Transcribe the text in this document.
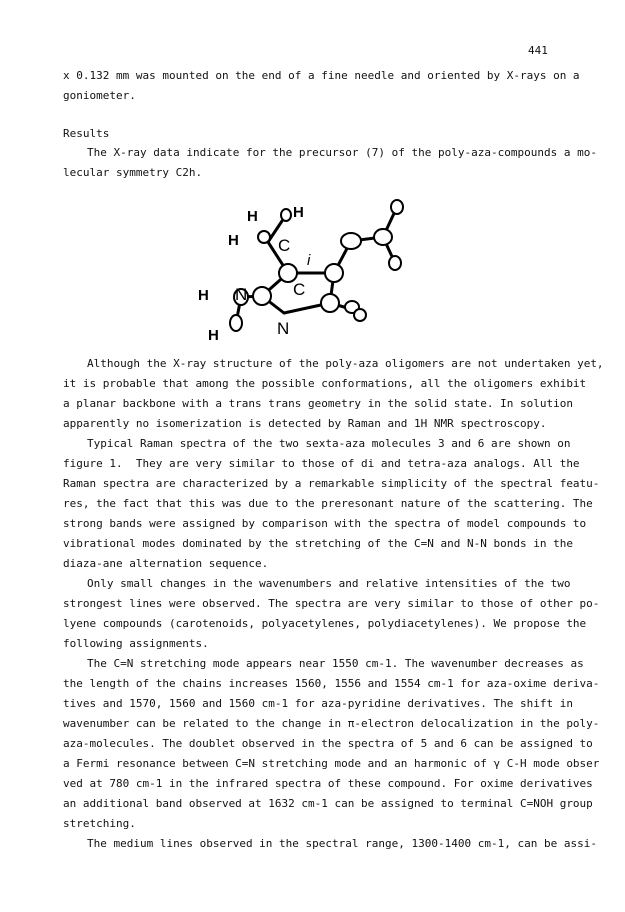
441
x 0.132 mm was mounted on the end of a fine needle and oriented by X-rays on a
goniometer.
Results
The X-ray data indicate for the precursor (7) of the poly-aza-compounds a mo-
lecular symmetry C2h.
H H
H C
i
H N	C
N
H
Although the X-ray structure of the poly-aza oligomers are not undertaken yet,
it is probable that among the possible conformations, all the oligomers exhibit
a planar backbone with a trans trans geometry in the solid state. In solution
apparently no isomerization is detected by Raman and 1H NMR spectroscopy.
Typical Raman spectra of the two sexta-aza molecules 3 and 6 are shown on
figure 1.  They are very similar to those of di and tetra-aza analogs. All the
Raman spectra are characterized by a remarkable simplicity of the spectral featu-
res, the fact that this was due to the preresonant nature of the scattering. The
strong bands were assigned by comparison with the spectra of model compounds to
vibrational modes dominated by the stretching of the C=N and N-N bonds in the
diaza-ane alternation sequence.
Only small changes in the wavenumbers and relative intensities of the two
strongest lines were observed. The spectra are very similar to those of other po-
lyene compounds (carotenoids, polyacetylenes, polydiacetylenes). We propose the
following assignments.
The C=N stretching mode appears near 1550 cm-1. The wavenumber decreases as
the length of the chains increases 1560, 1556 and 1554 cm-1 for aza-oxime deriva-
tives and 1570, 1560 and 1560 cm-1 for aza-pyridine derivatives. The shift in
wavenumber can be related to the change in π-electron delocalization in the poly-
aza-molecules. The doublet observed in the spectra of 5 and 6 can be assigned to
a Fermi resonance between C=N stretching mode and an harmonic of γ C-H mode obser
ved at 780 cm-1 in the infrared spectra of these compound. For oxime derivatives
an additional band observed at 1632 cm-1 can be assigned to terminal C=NOH group
stretching.
The medium lines observed in the spectral range, 1300-1400 cm-1, can be assi-
